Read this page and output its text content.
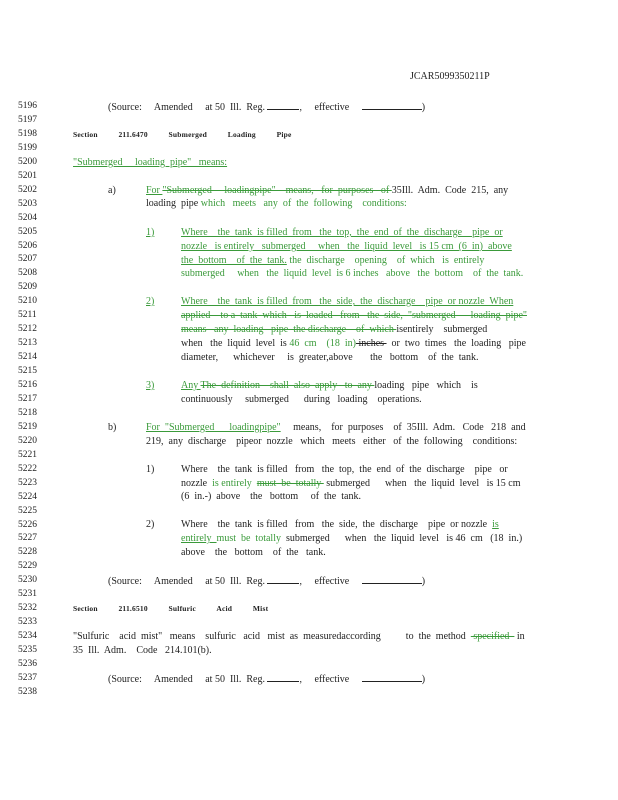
JCAR5099350211P
5196
5197
5198
5199
5200
5201
5202
5203
5204
5205
5206
5207
5208
5209
5210
5211
5212
5213
5214
5215
5216
5217
5218
5219
5220
5221
5222
5223
5224
5225
5226
5227
5228
5229
5230
5231
5232
5233
5234
5235
5236
5237
5238
(Source: Amended at 50  Ill.  Reg.	,     effective	)
Section	211.6470	Submerged	Loading	Pipe
"Submerged     loading  pipe"   means:
a)	For "Submerged     loadingpipe"    means,   for  purposes   of 35Ill.  Adm.  Code  215,  any
loading  pipe which   meets   any  of  the  following    conditions:
1)	Where    the  tank  is filled  from   the  top,  the  end  of  the  discharge    pipe  or
nozzle   is entirely   submerged     when   the  liquid  level   is 15 cm  (6  in)  above
the  bottom    of  the  tank. the  discharge    opening    of  which   is  entirely
submerged     when   the  liquid  level  is 6 inches   above   the  bottom    of  the  tank.
2)	Where    the  tank  is filled  from   the  side,  the  discharge    pipe  or nozzle  When
applied    to a  tank  which   is  loaded   from   the  side,  "submerged      loading  pipe"
means   any  loading   pipe  the discharge    of  which isentirely    submerged
when   the  liquid  level  is 46  cm    (18  in) inches   or  two  times   the  loading   pipe
diameter,      whichever     is  greater,above       the   bottom    of  the  tank.
3)	Any The  definition    shall  also  apply   to  any loading   pipe   which    is
continuously     submerged      during   loading    operations.
b)	For  "Submerged      loadingpipe"     means,    for  purposes    of  35Ill.  Adm.   Code   218  and
219,  any  discharge    pipeor  nozzle   which   meets   either   of  the  following    conditions:
1)	Where    the  tank  is filled   from   the  top,  the  end  of  the  discharge    pipe   or
nozzle  is entirely  must  be  totally  submerged      when   the  liquid  level   is 15 cm
(6  in.-)  above    the   bottom     of  the  tank.
2)	Where    the  tank  is filled   from   the  side,  the  discharge    pipe  or nozzle  is
entirely  must  be  totally  submerged      when   the  liquid  level   is 46  cm   (18  in.)
above    the   bottom    of  the   tank.
(Source: Amended at 50  Ill.  Reg.	,     effective	)
Section	211.6510	Sulfuric	Acid	Mist
"Sulfuric    acid  mist"   means    sulfuric   acid   mist  as  measuredaccording          to  the  method   specified   in
35  Ill.  Adm.    Code   214.101(b).
(Source: Amended at 50  Ill.  Reg.	,     effective	)
